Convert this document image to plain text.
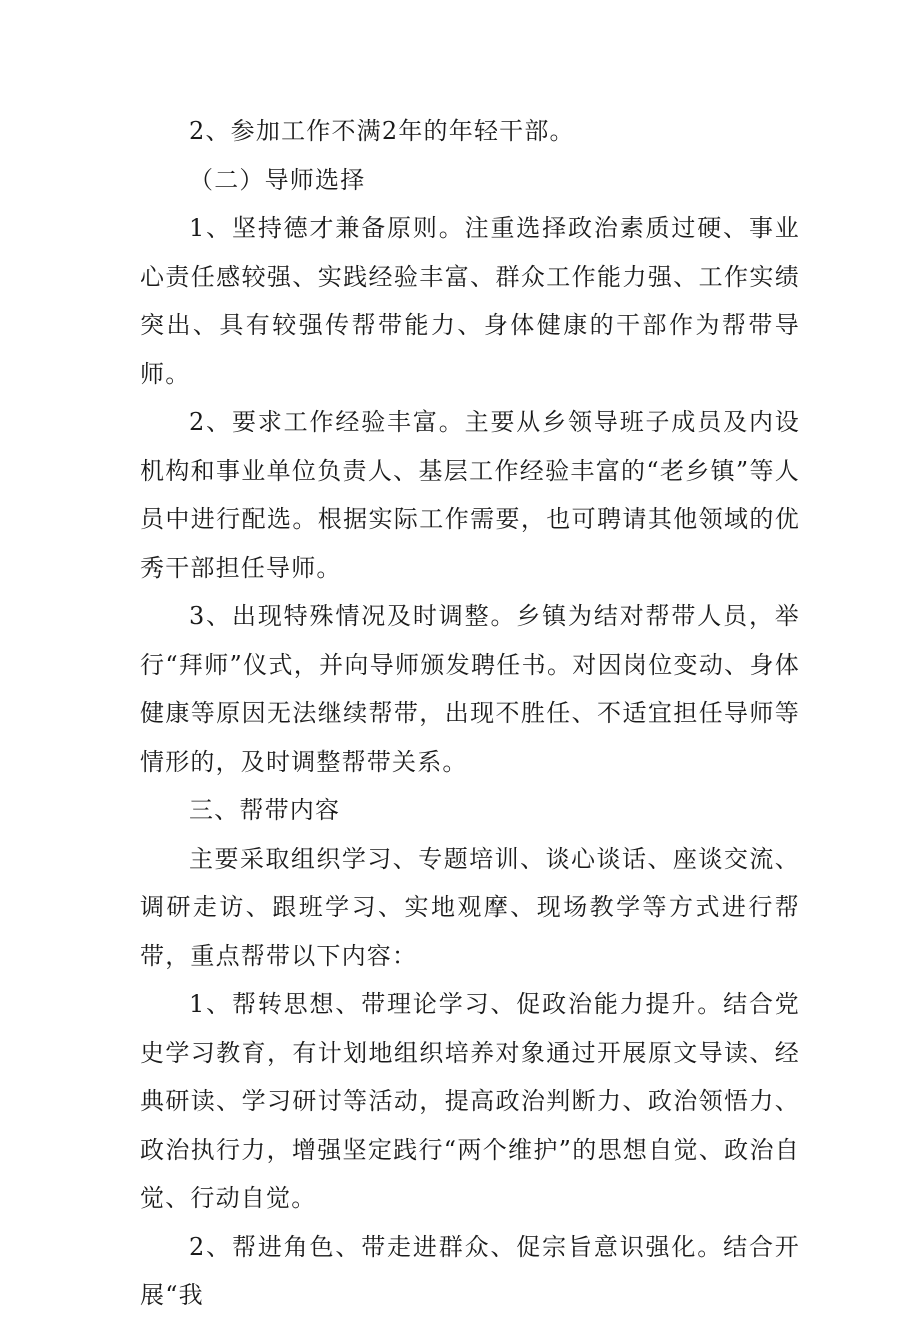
2、参加工作不满2年的年轻干部。

（二）导师选择

1、坚持德才兼备原则。注重选择政治素质过硬、事业心责任感较强、实践经验丰富、群众工作能力强、工作实绩突出、具有较强传帮带能力、身体健康的干部作为帮带导师。

2、要求工作经验丰富。主要从乡领导班子成员及内设机构和事业单位负责人、基层工作经验丰富的“老乡镇”等人员中进行配选。根据实际工作需要，也可聘请其他领域的优秀干部担任导师。

3、出现特殊情况及时调整。乡镇为结对帮带人员，举行“拜师”仪式，并向导师颁发聘任书。对因岗位变动、身体健康等原因无法继续帮带，出现不胜任、不适宜担任导师等情形的，及时调整帮带关系。

三、帮带内容

主要采取组织学习、专题培训、谈心谈话、座谈交流、调研走访、跟班学习、实地观摩、现场教学等方式进行帮带，重点帮带以下内容：

1、帮转思想、带理论学习、促政治能力提升。结合党史学习教育，有计划地组织培养对象通过开展原文导读、经典研读、学习研讨等活动，提高政治判断力、政治领悟力、政治执行力，增强坚定践行“两个维护”的思想自觉、政治自觉、行动自觉。

2、帮进角色、带走进群众、促宗旨意识强化。结合开展“我
